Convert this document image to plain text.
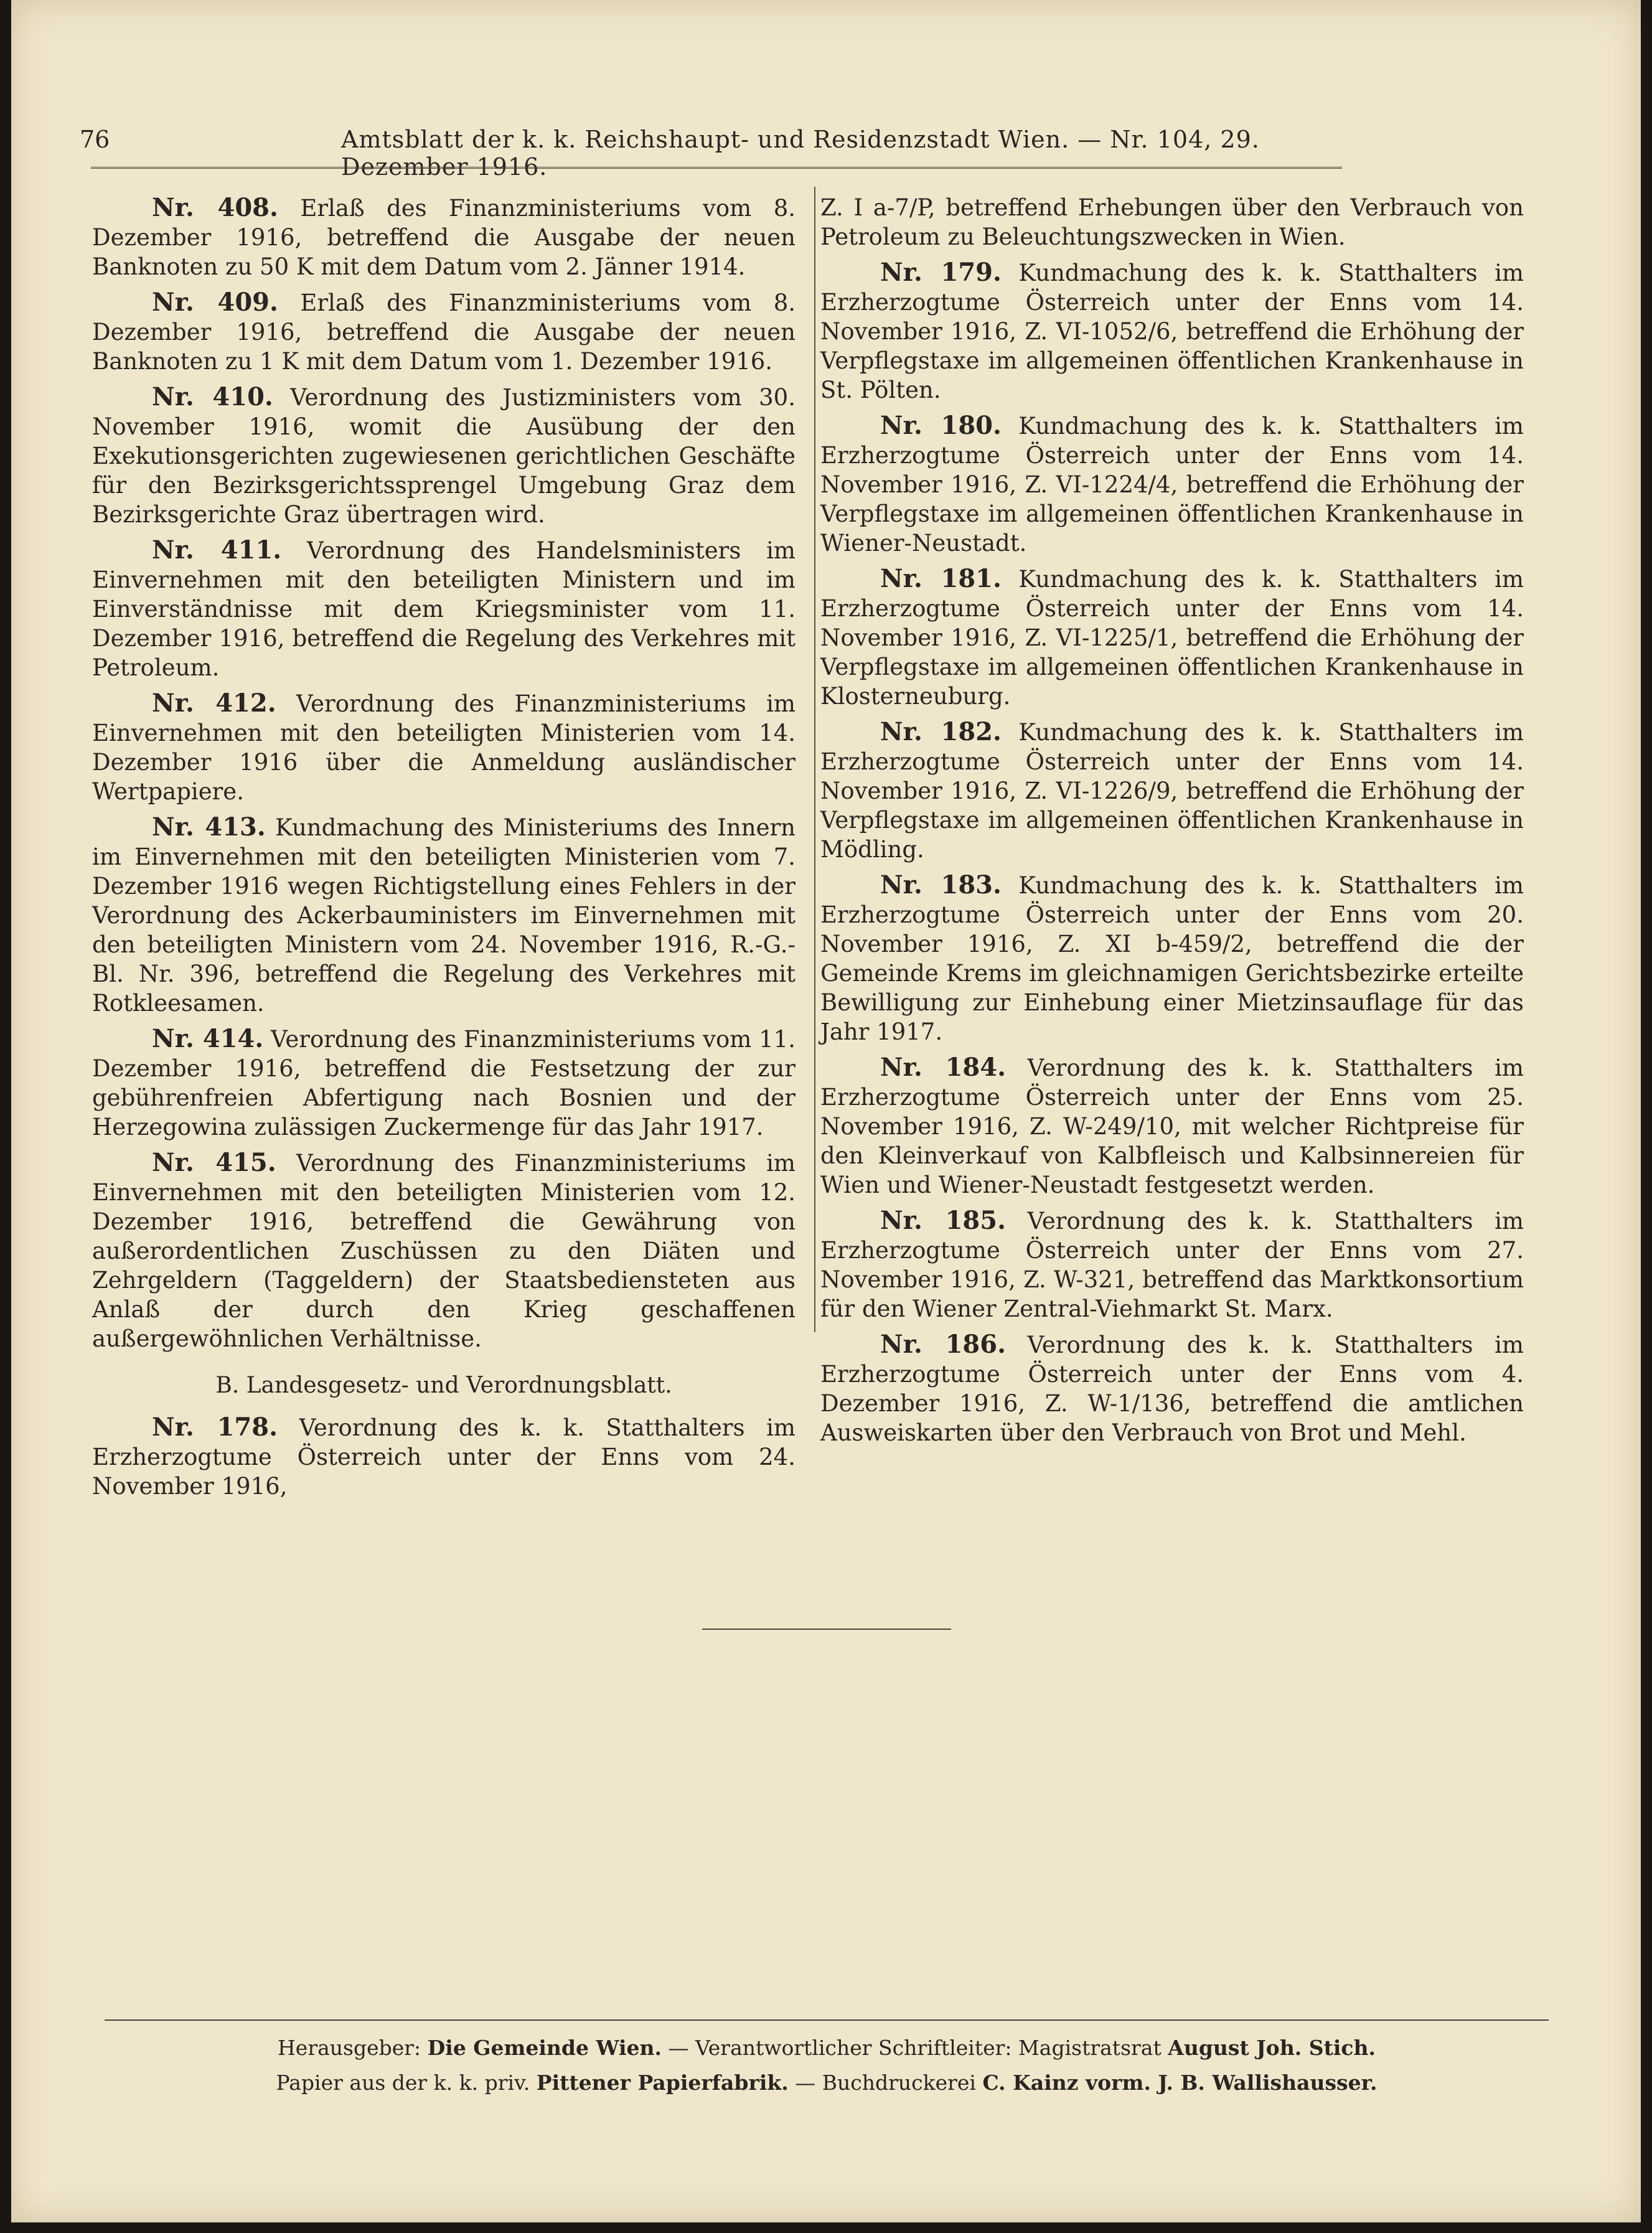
76	Amtsblatt der k. k. Reichshaupt- und Residenzstadt Wien. — Nr. 104, 29. Dezember 1916.

Nr. 408. Erlaß des Finanzministeriums vom 8. Dezember 1916, betreffend die Ausgabe der neuen Banknoten zu 50 K mit dem Datum vom 2. Jänner 1914.

Nr. 409. Erlaß des Finanzministeriums vom 8. Dezember 1916, betreffend die Ausgabe der neuen Banknoten zu 1 K mit dem Datum vom 1. Dezember 1916.

Nr. 410. Verordnung des Justizministers vom 30. November 1916, womit die Ausübung der den Exekutionsgerichten zugewiesenen gerichtlichen Geschäfte für den Bezirksgerichtssprengel Umgebung Graz dem Bezirksgerichte Graz übertragen wird.

Nr. 411. Verordnung des Handelsministers im Einvernehmen mit den beteiligten Ministern und im Einverständnisse mit dem Kriegsminister vom 11. Dezember 1916, betreffend die Regelung des Verkehres mit Petroleum.

Nr. 412. Verordnung des Finanzministeriums im Einvernehmen mit den beteiligten Ministerien vom 14. Dezember 1916 über die Anmeldung ausländischer Wertpapiere.

Nr. 413. Kundmachung des Ministeriums des Innern im Einvernehmen mit den beteiligten Ministerien vom 7. Dezember 1916 wegen Richtigstellung eines Fehlers in der Verordnung des Ackerbauministers im Einvernehmen mit den beteiligten Ministern vom 24. November 1916, R.-G.-Bl. Nr. 396, betreffend die Regelung des Verkehres mit Rotkleesamen.

Nr. 414. Verordnung des Finanzministeriums vom 11. Dezember 1916, betreffend die Festsetzung der zur gebührenfreien Abfertigung nach Bosnien und der Herzegowina zulässigen Zuckermenge für das Jahr 1917.

Nr. 415. Verordnung des Finanzministeriums im Einvernehmen mit den beteiligten Ministerien vom 12. Dezember 1916, betreffend die Gewährung von außerordentlichen Zuschüssen zu den Diäten und Zehrgeldern (Taggeldern) der Staatsbediensteten aus Anlaß der durch den Krieg geschaffenen außergewöhnlichen Verhältnisse.

B. Landesgesetz- und Verordnungsblatt.

Nr. 178. Verordnung des k. k. Statthalters im Erzherzogtume Österreich unter der Enns vom 24. November 1916,

Z. I a-7/P, betreffend Erhebungen über den Verbrauch von Petroleum zu Beleuchtungszwecken in Wien.

Nr. 179. Kundmachung des k. k. Statthalters im Erzherzogtume Österreich unter der Enns vom 14. November 1916, Z. VI-1052/6, betreffend die Erhöhung der Verpflegstaxe im allgemeinen öffentlichen Krankenhause in St. Pölten.

Nr. 180. Kundmachung des k. k. Statthalters im Erzherzogtume Österreich unter der Enns vom 14. November 1916, Z. VI-1224/4, betreffend die Erhöhung der Verpflegstaxe im allgemeinen öffentlichen Krankenhause in Wiener-Neustadt.

Nr. 181. Kundmachung des k. k. Statthalters im Erzherzogtume Österreich unter der Enns vom 14. November 1916, Z. VI-1225/1, betreffend die Erhöhung der Verpflegstaxe im allgemeinen öffentlichen Krankenhause in Klosterneuburg.

Nr. 182. Kundmachung des k. k. Statthalters im Erzherzogtume Österreich unter der Enns vom 14. November 1916, Z. VI-1226/9, betreffend die Erhöhung der Verpflegstaxe im allgemeinen öffentlichen Krankenhause in Mödling.

Nr. 183. Kundmachung des k. k. Statthalters im Erzherzogtume Österreich unter der Enns vom 20. November 1916, Z. XI b-459/2, betreffend die der Gemeinde Krems im gleichnamigen Gerichtsbezirke erteilte Bewilligung zur Einhebung einer Mietzinsauflage für das Jahr 1917.

Nr. 184. Verordnung des k. k. Statthalters im Erzherzogtume Österreich unter der Enns vom 25. November 1916, Z. W-249/10, mit welcher Richtpreise für den Kleinverkauf von Kalbfleisch und Kalbsinnereien für Wien und Wiener-Neustadt festgesetzt werden.

Nr. 185. Verordnung des k. k. Statthalters im Erzherzogtume Österreich unter der Enns vom 27. November 1916, Z. W-321, betreffend das Marktkonsortium für den Wiener Zentral-Viehmarkt St. Marx.

Nr. 186. Verordnung des k. k. Statthalters im Erzherzogtume Österreich unter der Enns vom 4. Dezember 1916, Z. W-1/136, betreffend die amtlichen Ausweiskarten über den Verbrauch von Brot und Mehl.

Herausgeber: Die Gemeinde Wien. — Verantwortlicher Schriftleiter: Magistratsrat August Joh. Stich.
Papier aus der k. k. priv. Pittener Papierfabrik. — Buchdruckerei C. Kainz vorm. J. B. Wallishausser.
